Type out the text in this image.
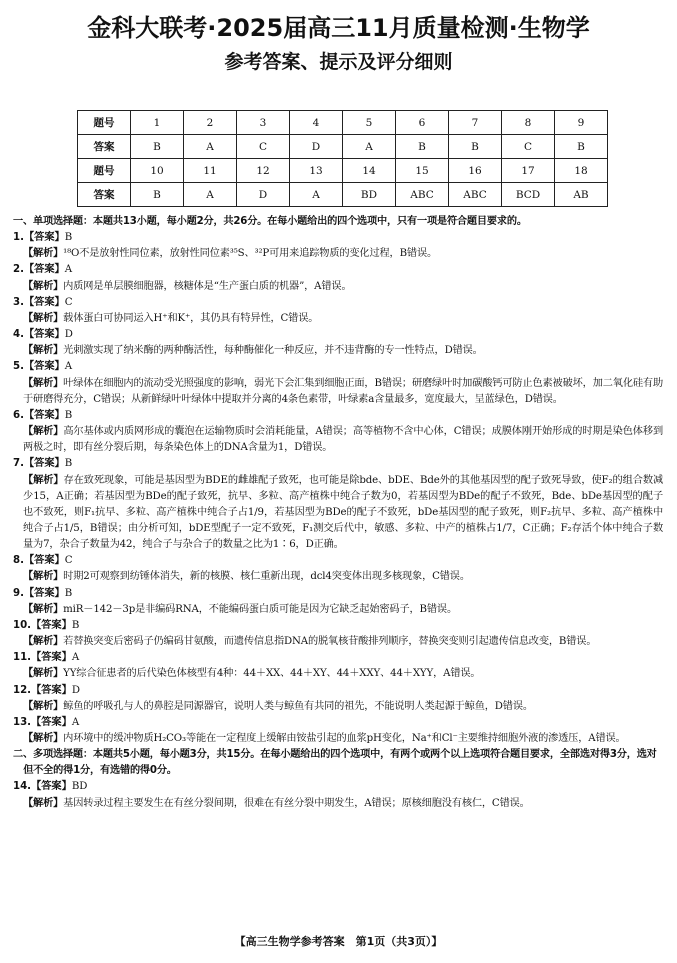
金科大联考·2025届高三11月质量检测·生物学
参考答案、提示及评分细则
题号	1	2	3	4	5	6	7	8	9
答案	B	A	C	D	A	B	B	C	B
题号	10	11	12	13	14	15	16	17	18
答案	B	A	D	A	BD	ABC	ABC	BCD	AB
一、单项选择题：本题共13小题，每小题2分，共26分。在每小题给出的四个选项中，只有一项是符合题目要求的。
1.【答案】B
【解析】¹⁸O不是放射性同位素，放射性同位素³⁵S、³²P可用来追踪物质的变化过程，B错误。
2.【答案】A
【解析】内质网是单层膜细胞器，核糖体是“生产蛋白质的机器”，A错误。
3.【答案】C
【解析】载体蛋白可协同运入H⁺和K⁺，其仍具有特异性，C错误。
4.【答案】D
【解析】光刺激实现了纳米酶的两种酶活性，每种酶催化一种反应，并不违背酶的专一性特点，D错误。
5.【答案】A
【解析】叶绿体在细胞内的流动受光照强度的影响，弱光下会汇集到细胞正面，B错误；研磨绿叶时加碳酸钙可防止色素被破坏，加二氧化硅有助于研磨得充分，C错误；从新鲜绿叶叶绿体中提取并分离的4条色素带，叶绿素a含量最多，宽度最大，呈蓝绿色，D错误。
6.【答案】B
【解析】高尔基体或内质网形成的囊泡在运输物质时会消耗能量，A错误；高等植物不含中心体，C错误；成膜体刚开始形成的时期是染色体移到两极之时，即有丝分裂后期，每条染色体上的DNA含量为1，D错误。
7.【答案】B
【解析】存在致死现象，可能是基因型为BDE的雌雄配子致死，也可能是除bde、bDE、Bde外的其他基因型的配子致死导致，使F₂的组合数减少15，A正确；若基因型为BDe的配子致死，抗早、多粒、高产植株中纯合子数为0，若基因型为BDe的配子不致死，Bde、bDe基因型的配子也不致死，则F₁抗早、多粒、高产植株中纯合子占1/9，若基因型为BDe的配子不致死，bDe基因型的配子致死，则F₂抗早、多粒、高产植株中纯合子占1/5，B错误；由分析可知，bDE型配子一定不致死，F₁测交后代中，敏感、多粒、中产的植株占1/7，C正确；F₂存活个体中纯合子数量为7，杂合子数量为42，纯合子与杂合子的数量之比为1∶6，D正确。
8.【答案】C
【解析】时期2可观察到纺锤体消失，新的核膜、核仁重新出现，dcl4突变体出现多核现象，C错误。
9.【答案】B
【解析】miR－142－3p是非编码RNA，不能编码蛋白质可能是因为它缺乏起始密码子，B错误。
10.【答案】B
【解析】若替换突变后密码子仍编码甘氨酸，而遗传信息指DNA的脱氧核苷酸排列顺序，替换突变则引起遗传信息改变，B错误。
11.【答案】A
【解析】YY综合征患者的后代染色体核型有4种：44＋XX、44＋XY、44＋XXY、44＋XYY，A错误。
12.【答案】D
【解析】鲸鱼的呼吸孔与人的鼻腔是同源器官，说明人类与鲸鱼有共同的祖先，不能说明人类起源于鲸鱼，D错误。
13.【答案】A
【解析】内环境中的缓冲物质H₂CO₃等能在一定程度上缓解由铵盐引起的血浆pH变化，Na⁺和Cl⁻主要维持细胞外液的渗透压，A错误。
二、多项选择题：本题共5小题，每小题3分，共15分。在每小题给出的四个选项中，有两个或两个以上选项符合题目要求，全部选对得3分，选对但不全的得1分，有选错的得0分。
14.【答案】BD
【解析】基因转录过程主要发生在有丝分裂间期，很难在有丝分裂中期发生，A错误；原核细胞没有核仁，C错误。
【高三生物学参考答案　第1页（共3页）】
